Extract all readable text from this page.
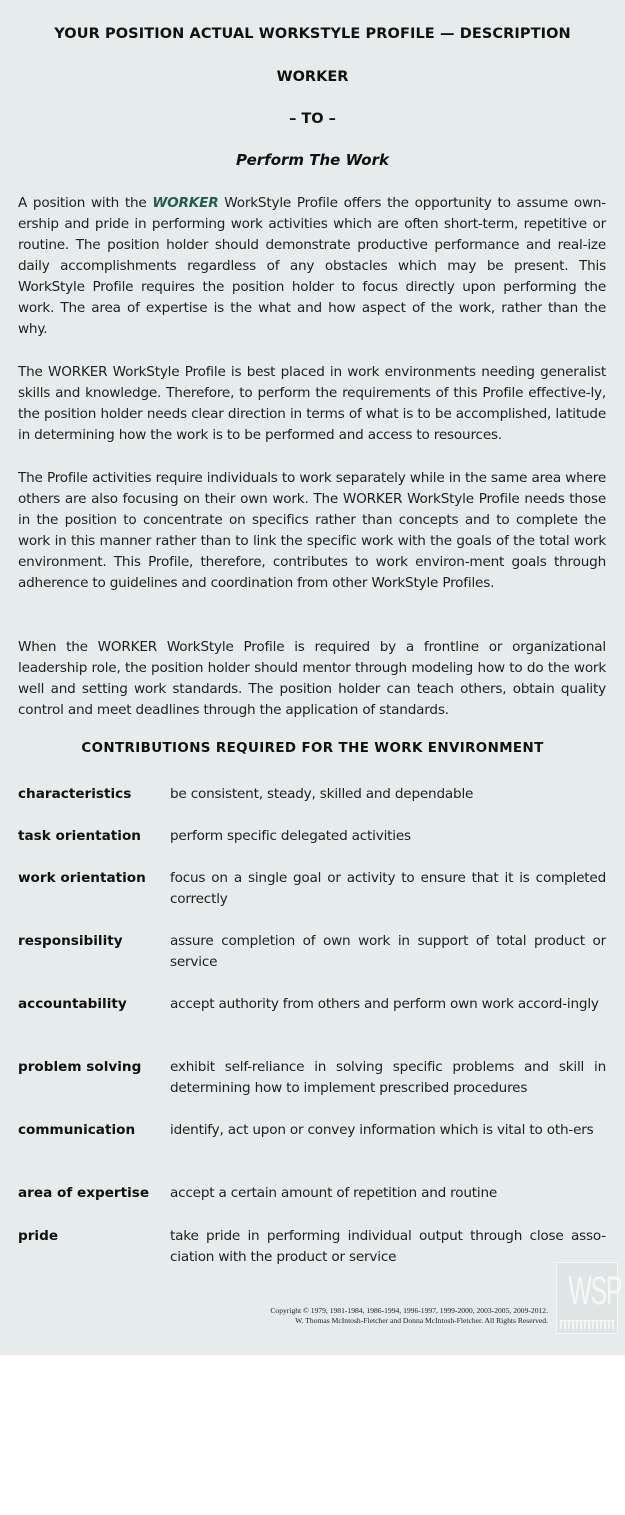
YOUR POSITION ACTUAL WORKSTYLE PROFILE — DESCRIPTION
WORKER
– TO –
Perform The Work
A position with the WORKER WorkStyle Profile offers the opportunity to assume own-ership and pride in performing work activities which are often short-term, repetitive or routine. The position holder should demonstrate productive performance and real-ize daily accomplishments regardless of any obstacles which may be present. This WorkStyle Profile requires the position holder to focus directly upon performing the work. The area of expertise is the what and how aspect of the work, rather than the why.
The WORKER WorkStyle Profile is best placed in work environments needing generalist skills and knowledge. Therefore, to perform the requirements of this Profile effective-ly, the position holder needs clear direction in terms of what is to be accomplished, latitude in determining how the work is to be performed and access to resources.
The Profile activities require individuals to work separately while in the same area where others are also focusing on their own work. The WORKER WorkStyle Profile needs those in the position to concentrate on specifics rather than concepts and to complete the work in this manner rather than to link the specific work with the goals of the total work environment. This Profile, therefore, contributes to work environ-ment goals through adherence to guidelines and coordination from other WorkStyle Profiles.
When the WORKER WorkStyle Profile is required by a frontline or organizational leadership role, the position holder should mentor through modeling how to do the work well and setting work standards. The position holder can teach others, obtain quality control and meet deadlines through the application of standards.
CONTRIBUTIONS REQUIRED FOR THE WORK ENVIRONMENT
characteristics	be consistent, steady, skilled and dependable
task orientation	perform specific delegated activities
work orientation	focus on a single goal or activity to ensure that it is completed correctly
responsibility	assure completion of own work in support of total product or service
accountability	accept authority from others and perform own work accord-ingly
problem solving	exhibit self-reliance in solving specific problems and skill in determining how to implement prescribed procedures
communication	identify, act upon or convey information which is vital to oth-ers
area of expertise	accept a certain amount of repetition and routine
pride	take pride in performing individual output through close asso-ciation with the product or service
Copyright © 1979, 1981-1984, 1986-1994, 1996-1997, 1999-2000, 2003-2005, 2009-2012.
W. Thomas McIntosh-Fletcher and Donna McIntosh-Fletcher. All Rights Reserved.
WSP
